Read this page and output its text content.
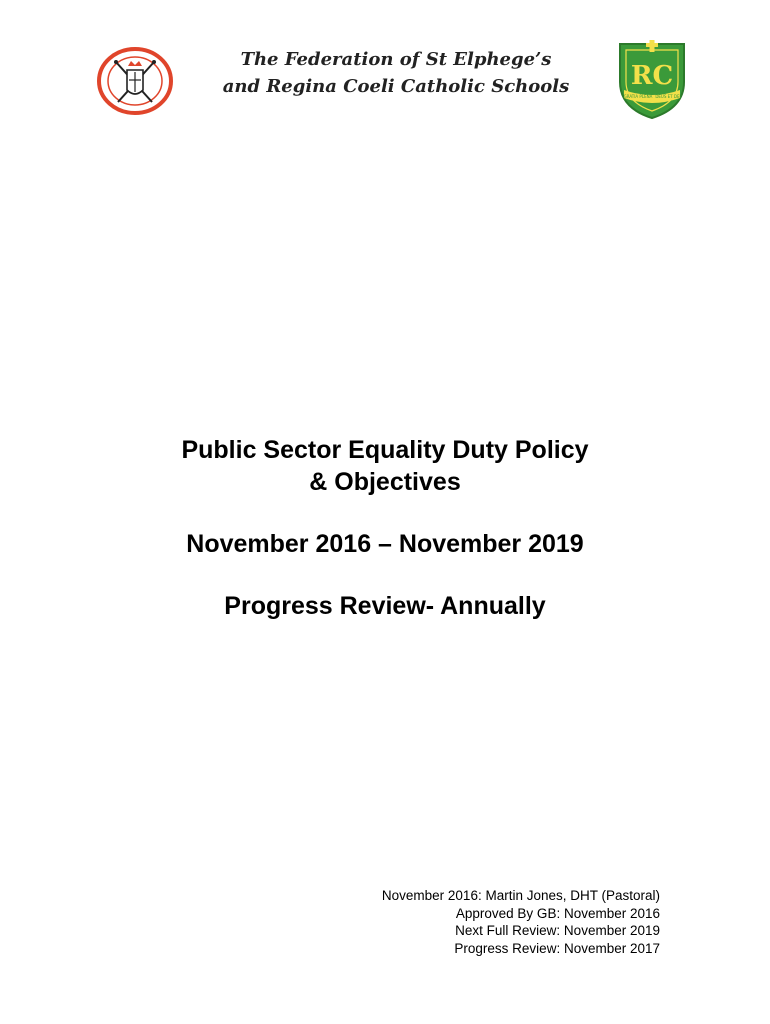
The Federation of St Elphege’s
and Regina Coeli Catholic Schools	RC
GRATIA PLENA DEUS ET DEI

Public Sector Equality Duty Policy

& Objectives

November 2016 – November 2019
Progress Review- Annually
November 2016: Martin Jones, DHT (Pastoral)
Approved By GB: November 2016
Next Full Review: November 2019
Progress Review: November 2017
